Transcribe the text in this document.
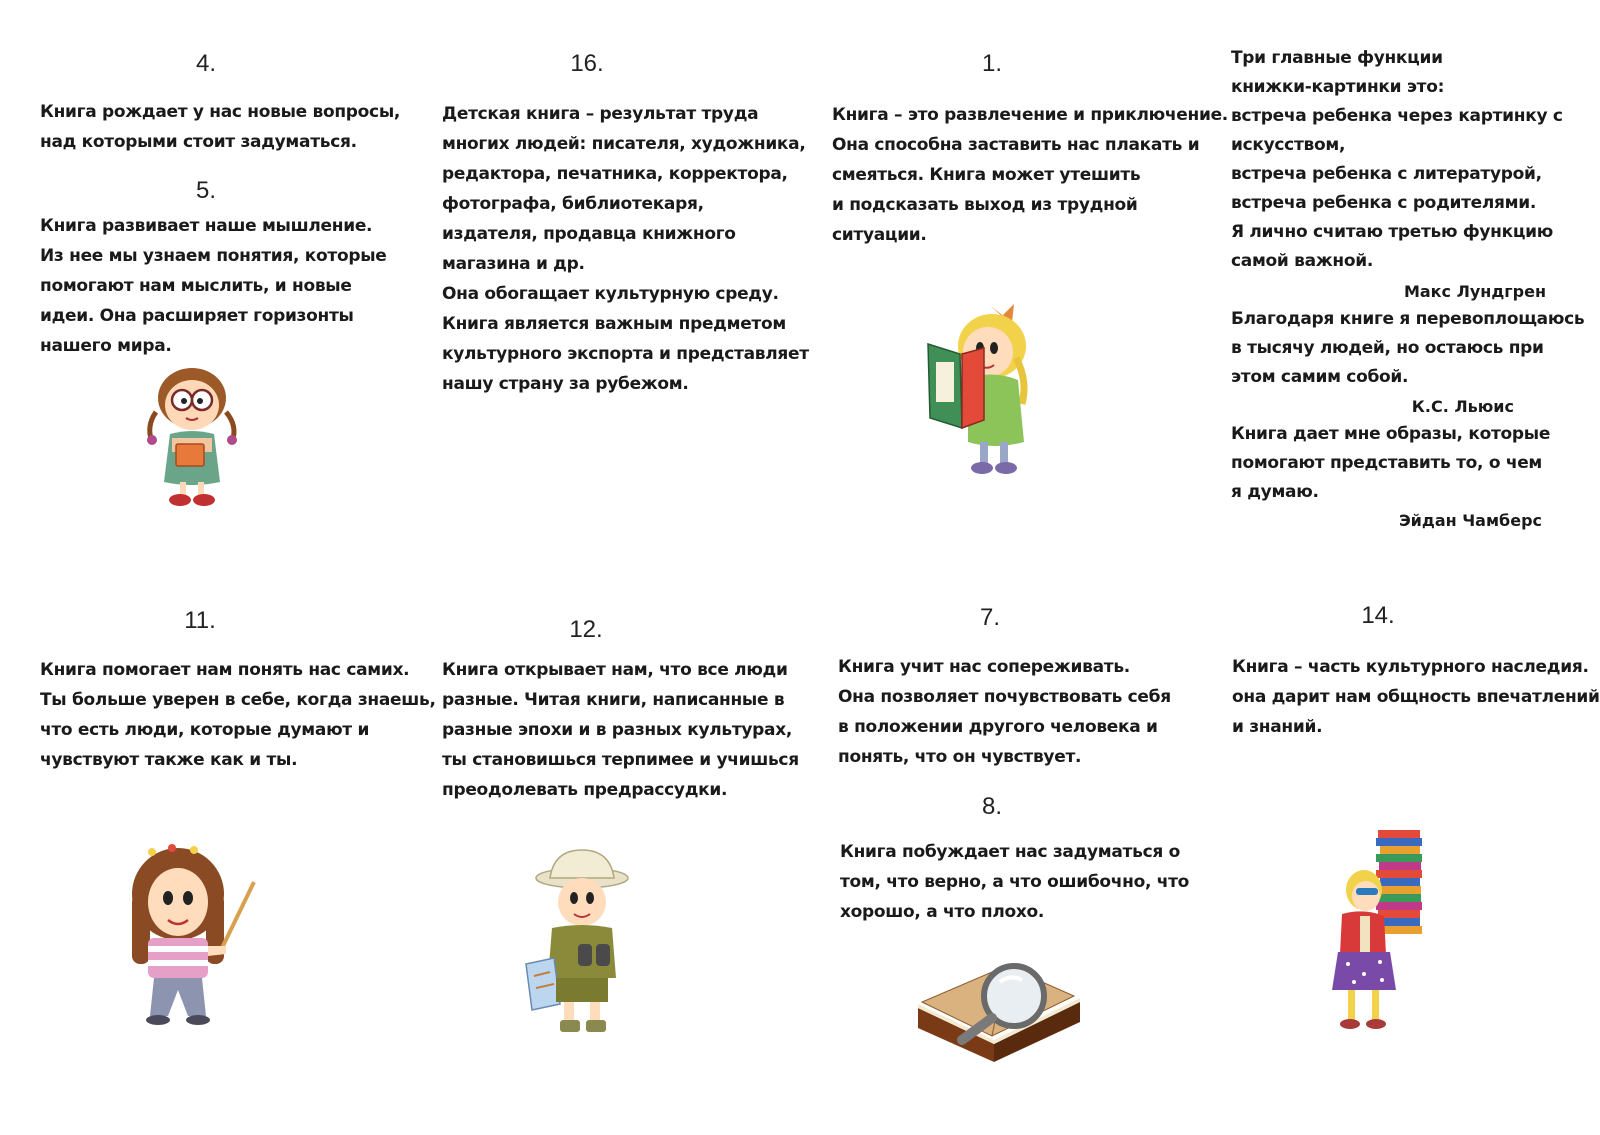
4.
Книга рождает у нас новые вопросы,
над которыми стоит задуматься.
5.
Книга развивает наше мышление.
Из нее мы узнаем понятия, которые
помогают нам мыслить, и новые
идеи. Она расширяет горизонты
нашего мира.
16.
Детская книга – результат труда
многих людей: писателя, художника,
редактора, печатника, корректора,
фотографа, библиотекаря,
издателя, продавца книжного
магазина и др.
Она обогащает культурную среду.
Книга является важным предметом
культурного экспорта и представляет
нашу страну за рубежом.
1.
Книга – это развлечение и приключение.
Она способна заставить нас плакать и
смеяться. Книга может утешить
и подсказать выход из трудной
ситуации.
Три главные функции
книжки-картинки это:
встреча ребенка через картинку с
искусством,
встреча ребенка с литературой,
встреча ребенка с родителями.
Я лично считаю третью функцию
самой важной.
Макс Лундгрен
Благодаря книге я перевоплощаюсь
в тысячу людей, но остаюсь при
этом самим собой.
К.С. Льюис
Книга дает мне образы, которые
помогают представить то, о чем
я думаю.
Эйдан Чамберс
11.
Книга помогает нам понять нас самих.
Ты больше уверен в себе, когда знаешь,
что есть люди, которые думают и
чувствуют также как и ты.
12.
Книга открывает нам, что все люди
разные. Читая книги, написанные в
разные эпохи и в разных культурах,
ты становишься терпимее и учишься
преодолевать предрассудки.
7.
Книга учит нас сопереживать.
Она позволяет почувствовать себя
в положении другого человека и
понять, что он чувствует.
8.
Книга побуждает нас задуматься о
том, что верно, а что ошибочно, что
хорошо, а что плохо.
14.
Книга – часть культурного наследия.
она дарит нам общность впечатлений
и знаний.
